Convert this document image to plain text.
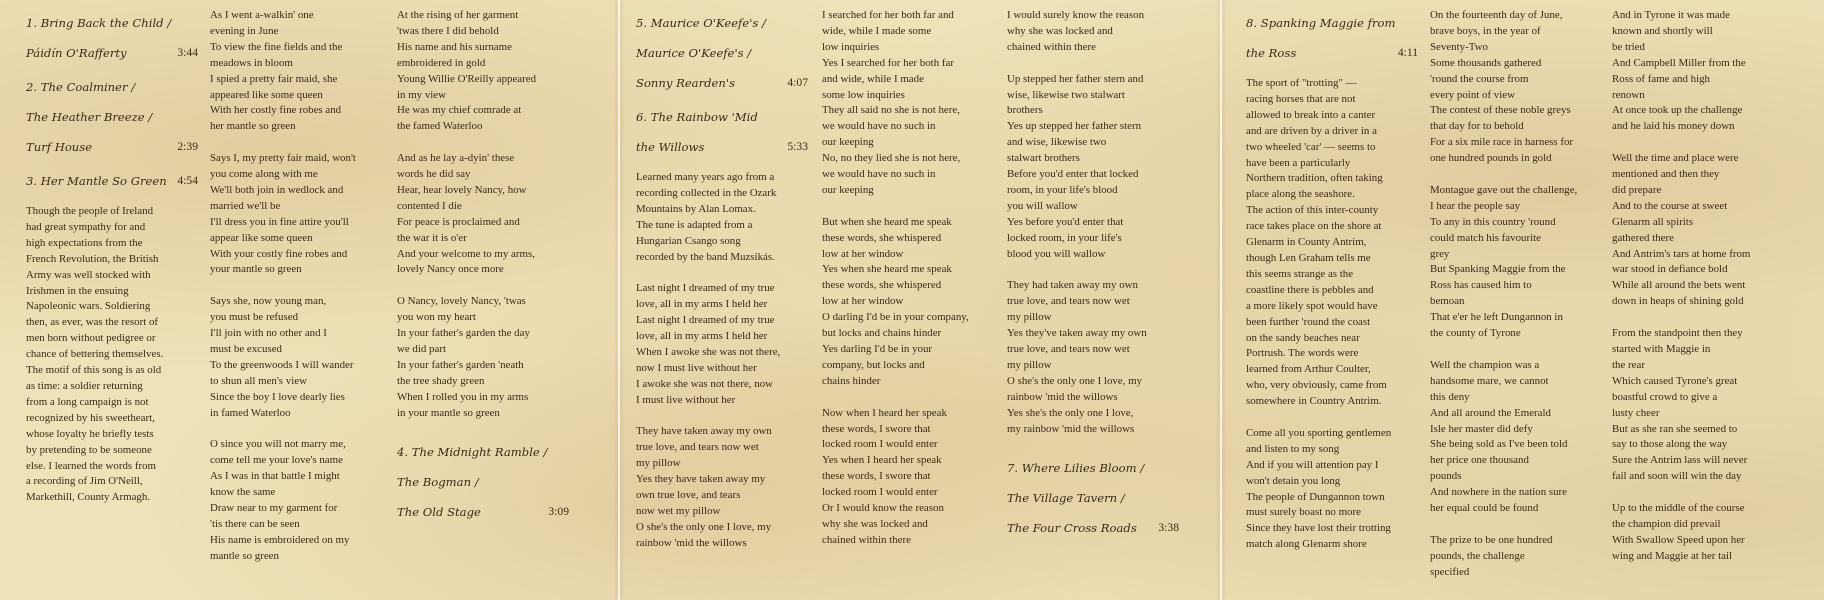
1. Bring Back the Child /
Páidín O'Rafferty	3:44
2. The Coalminer /
The Heather Breeze /
Turf House	2:39
3. Her Mantle So Green 4:54

Though the people of Ireland

had great sympathy for and

high expectations from the

French Revolution, the British

Army was well stocked with

Irishmen in the ensuing

Napoleonic wars. Soldiering

then, as ever, was the resort of

men born without pedigree or

chance of bettering themselves.

The motif of this song is as old

as time: a soldier returning

from a long campaign is not

recognized by his sweetheart,

whose loyalty he briefly tests

by pretending to be someone

else. I learned the words from

a recording of Jim O'Neill,

Markethill, County Armagh.

As I went a-walkin' one

evening in June

To view the fine fields and the

meadows in bloom

I spied a pretty fair maid, she

appeared like some queen

With her costly fine robes and

her mantle so green

Says I, my pretty fair maid, won't

you come along with me

We'll both join in wedlock and

married we'll be

I'll dress you in fine attire you'll

appear like some queen

With your costly fine robes and

your mantle so green

Says she, now young man,

you must be refused

I'll join with no other and I

must be excused

To the greenwoods I will wander

to shun all men's view

Since the boy I love dearly lies

in famed Waterloo

O since you will not marry me,

come tell me your love's name

As I was in that battle I might

know the same

Draw near to my garment for

'tis there can be seen

His name is embroidered on my

mantle so green

At the rising of her garment

'twas there I did behold

His name and his surname

embroidered in gold

Young Willie O'Reilly appeared

in my view

He was my chief comrade at

the famed Waterloo

And as he lay a-dyin' these

words he did say

Hear, hear lovely Nancy, how

contented I die

For peace is proclaimed and

the war it is o'er

And your welcome to my arms,

lovely Nancy once more

O Nancy, lovely Nancy, 'twas

you won my heart

In your father's garden the day

we did part

In your father's garden 'neath

the tree shady green

When I rolled you in my arms

in your mantle so green

4. The Midnight Ramble /
The Bogman /
The Old Stage	3:09
5. Maurice O'Keefe's /
Maurice O'Keefe's /
Sonny Rearden's	4:07
6. The Rainbow 'Mid
the Willows	5:33

Learned many years ago from a

recording collected in the Ozark

Mountains by Alan Lomax.

The tune is adapted from a

Hungarian Csango song

recorded by the band Muzsikás.

Last night I dreamed of my true

love, all in my arms I held her

Last night I dreamed of my true

love, all in my arms I held her

When I awoke she was not there,

now I must live without her

I awoke she was not there, now

I must live without her

They have taken away my own

true love, and tears now wet

my pillow

Yes they have taken away my

own true love, and tears

now wet my pillow

O she's the only one I love, my

rainbow 'mid the willows

I searched for her both far and

wide, while I made some

low inquiries

Yes I searched for her both far

and wide, while I made

some low inquiries

They all said no she is not here,

we would have no such in

our keeping

No, no they lied she is not here,

we would have no such in

our keeping

But when she heard me speak

these words, she whispered

low at her window

Yes when she heard me speak

these words, she whispered

low at her window

O darling I'd be in your company,

but locks and chains hinder

Yes darling I'd be in your

company, but locks and

chains hinder

Now when I heard her speak

these words, I swore that

locked room I would enter

Yes when I heard her speak

these words, I swore that

locked room I would enter

Or I would know the reason

why she was locked and

chained within there

I would surely know the reason

why she was locked and

chained within there

Up stepped her father stern and

wise, likewise two stalwart

brothers

Yes up stepped her father stern

and wise, likewise two

stalwart brothers

Before you'd enter that locked

room, in your life's blood

you will wallow

Yes before you'd enter that

locked room, in your life's

blood you will wallow

They had taken away my own

true love, and tears now wet

my pillow

Yes they've taken away my own

true love, and tears now wet

my pillow

O she's the only one I love, my

rainbow 'mid the willows

Yes she's the only one I love,

my rainbow 'mid the willows

7. Where Lilies Bloom /
The Village Tavern /
The Four Cross Roads 3:38
8. Spanking Maggie from
the Ross	4:11

The sport of "trotting" —

racing horses that are not

allowed to break into a canter

and are driven by a driver in a

two wheeled 'car' — seems to

have been a particularly

Northern tradition, often taking

place along the seashore.

The action of this inter-county

race takes place on the shore at

Glenarm in County Antrim,

though Len Graham tells me

this seems strange as the

coastline there is pebbles and

a more likely spot would have

been further 'round the coast

on the sandy beaches near

Portrush. The words were

learned from Arthur Coulter,

who, very obviously, came from

somewhere in Country Antrim.

Come all you sporting gentlemen

and listen to my song

And if you will attention pay I

won't detain you long

The people of Dungannon town

must surely boast no more

Since they have lost their trotting

match along Glenarm shore

On the fourteenth day of June,

brave boys, in the year of

Seventy-Two

Some thousands gathered

'round the course from

every point of view

The contest of these noble greys

that day for to behold

For a six mile race in harness for

one hundred pounds in gold

Montague gave out the challenge,

I hear the people say

To any in this country 'round

could match his favourite

grey

But Spanking Maggie from the

Ross has caused him to

bemoan

That e'er he left Dungannon in

the county of Tyrone

Well the champion was a

handsome mare, we cannot

this deny

And all around the Emerald

Isle her master did defy

She being sold as I've been told

her price one thousand

pounds

And nowhere in the nation sure

her equal could be found

The prize to be one hundred

pounds, the challenge

specified

And in Tyrone it was made

known and shortly will

be tried

And Campbell Miller from the

Ross of fame and high

renown

At once took up the challenge

and he laid his money down

Well the time and place were

mentioned and then they

did prepare

And to the course at sweet

Glenarm all spirits

gathered there

And Antrim's tars at home from

war stood in defiance bold

While all around the bets went

down in heaps of shining gold

From the standpoint then they

started with Maggie in

the rear

Which caused Tyrone's great

boastful crowd to give a

lusty cheer

But as she ran she seemed to

say to those along the way

Sure the Antrim lass will never

fail and soon will win the day

Up to the middle of the course

the champion did prevail

With Swallow Speed upon her

wing and Maggie at her tail
